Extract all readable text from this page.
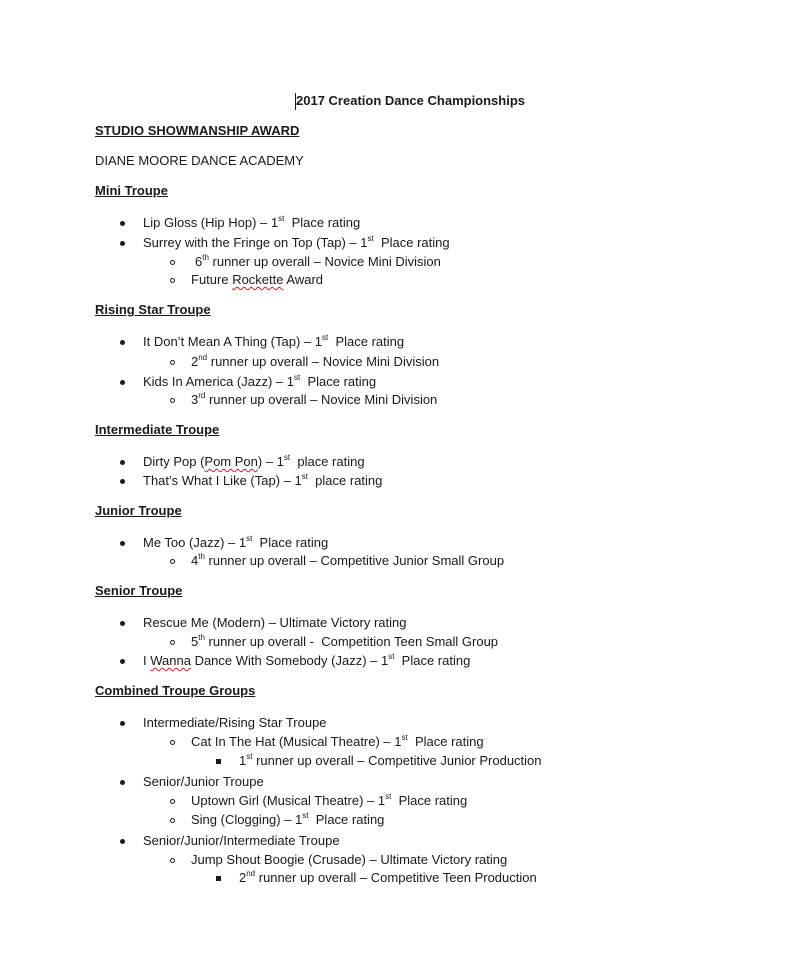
2017 Creation Dance Championships
STUDIO SHOWMANSHIP AWARD
DIANE MOORE DANCE ACADEMY
Mini Troupe
Lip Gloss (Hip Hop) – 1st  Place rating
Surrey with the Fringe on Top (Tap) – 1st  Place rating
6th runner up overall – Novice Mini Division
Future Rockette Award
Rising Star Troupe
It Don’t Mean A Thing (Tap) – 1st  Place rating
2nd runner up overall – Novice Mini Division
Kids In America (Jazz) – 1st  Place rating
3rd runner up overall – Novice Mini Division
Intermediate Troupe
Dirty Pop (Pom Pon) – 1st  place rating
That’s What I Like (Tap) – 1st  place rating
Junior Troupe
Me Too (Jazz) – 1st  Place rating
4th runner up overall – Competitive Junior Small Group
Senior Troupe
Rescue Me (Modern) – Ultimate Victory rating
5th runner up overall -  Competition Teen Small Group
I Wanna Dance With Somebody (Jazz) – 1st  Place rating
Combined Troupe Groups
Intermediate/Rising Star Troupe
Cat In The Hat (Musical Theatre) – 1st  Place rating
1st runner up overall – Competitive Junior Production
Senior/Junior Troupe
Uptown Girl (Musical Theatre) – 1st  Place rating
Sing (Clogging) – 1st  Place rating
Senior/Junior/Intermediate Troupe
Jump Shout Boogie (Crusade) – Ultimate Victory rating
2nd runner up overall – Competitive Teen Production
